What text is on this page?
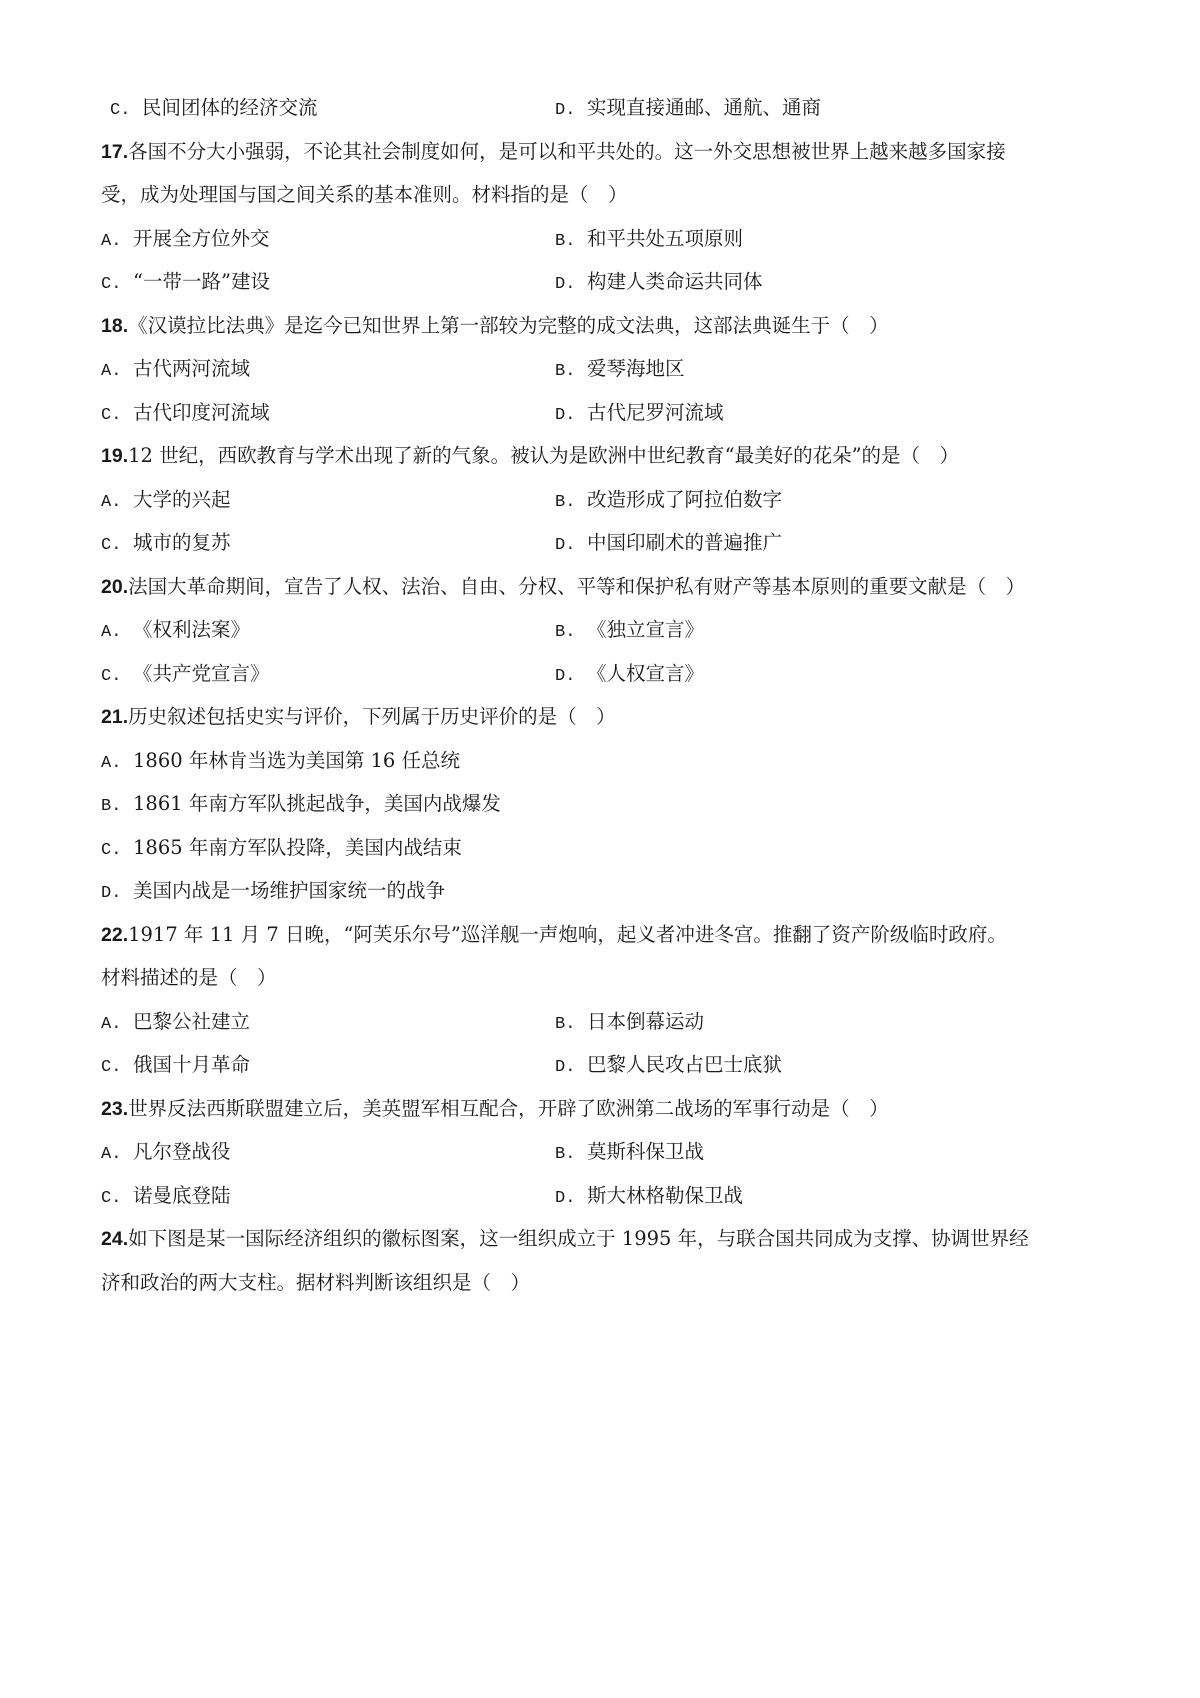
C. 民间团体的经济交流	D. 实现直接通邮、通航、通商
17.各国不分大小强弱，不论其社会制度如何，是可以和平共处的。这一外交思想被世界上越来越多国家接
受，成为处理国与国之间关系的基本准则。材料指的是（　）
A. 开展全方位外交	B. 和平共处五项原则
C. “一带一路”建设	D. 构建人类命运共同体
18.《汉谟拉比法典》是迄今已知世界上第一部较为完整的成文法典，这部法典诞生于（　）
A. 古代两河流域	B. 爱琴海地区
C. 古代印度河流域	D. 古代尼罗河流域
19.12 世纪，西欧教育与学术出现了新的气象。被认为是欧洲中世纪教育“最美好的花朵”的是（　）
A. 大学的兴起	B. 改造形成了阿拉伯数字
C. 城市的复苏	D. 中国印刷术的普遍推广
20.法国大革命期间，宣告了人权、法治、自由、分权、平等和保护私有财产等基本原则的重要文献是（　）
A. 《权利法案》	B. 《独立宣言》
C. 《共产党宣言》	D. 《人权宣言》
21.历史叙述包括史实与评价，下列属于历史评价的是（　）
A. 1860 年林肯当选为美国第 16 任总统
B. 1861 年南方军队挑起战争，美国内战爆发
C. 1865 年南方军队投降，美国内战结束
D. 美国内战是一场维护国家统一的战争
22.1917 年 11 月 7 日晚，“阿芙乐尔号”巡洋舰一声炮响，起义者冲进冬宫。推翻了资产阶级临时政府。
材料描述的是（　）
A. 巴黎公社建立	B. 日本倒幕运动
C. 俄国十月革命	D. 巴黎人民攻占巴士底狱
23.世界反法西斯联盟建立后，美英盟军相互配合，开辟了欧洲第二战场的军事行动是（　）
A. 凡尔登战役	B. 莫斯科保卫战
C. 诺曼底登陆	D. 斯大林格勒保卫战
24.如下图是某一国际经济组织的徽标图案，这一组织成立于 1995 年，与联合国共同成为支撑、协调世界经
济和政治的两大支柱。据材料判断该组织是（　）
